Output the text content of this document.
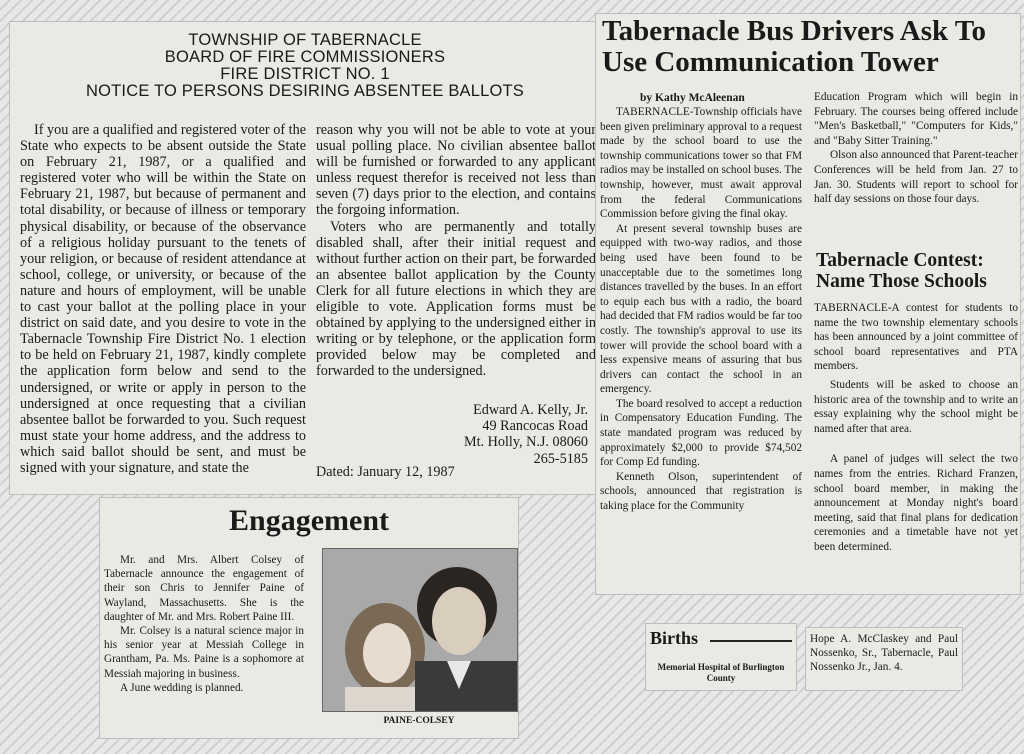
TOWNSHIP OF TABERNACLE
BOARD OF FIRE COMMISSIONERS
FIRE DISTRICT NO. 1
NOTICE TO PERSONS DESIRING ABSENTEE BALLOTS

If you are a qualified and registered voter of the State who expects to be absent outside the State on February 21, 1987, or a qualified and registered voter who will be within the State on February 21, 1987, but because of permanent and total disability, or because of illness or temporary physical disability, or because of the observance of a religious holiday pursuant to the tenets of your religion, or because of resident attendance at school, college, or university, or because of the nature and hours of employment, will be unable to cast your ballot at the polling place in your district on said date, and you desire to vote in the Tabernacle Township Fire District No. 1 election to be held on February 21, 1987, kindly complete the application form below and send to the undersigned, or write or apply in person to the undersigned at once requesting that a civilian absentee ballot be forwarded to you. Such request must state your home address, and the address to which said ballot should be sent, and must be signed with your signature, and state the

reason why you will not be able to vote at your usual polling place. No civilian absentee ballot will be furnished or forwarded to any applicant unless request therefor is received not less than seven (7) days prior to the election, and contains the forgoing information.

Voters who are permanently and totally disabled shall, after their initial request and without further action on their part, be forwarded an absentee ballot application by the County Clerk for all future elections in which they are eligible to vote. Application forms must be obtained by applying to the undersigned either in writing or by telephone, or the application form provided below may be completed and forwarded to the undersigned.

Edward A. Kelly, Jr.
49 Rancocas Road
Mt. Holly, N.J. 08060
265-5185
Dated: January 12, 1987
Tabernacle Bus Drivers Ask To Use Communication Tower
by Kathy McAleenan

TABERNACLE-Township officials have been given preliminary approval to a request made by the school board to use the township communications tower so that FM radios may be installed on school buses. The township, however, must await approval from the federal Communications Commission before giving the final okay.

At present several township buses are equipped with two-way radios, and those being used have been found to be unacceptable due to the sometimes long distances travelled by the buses. In an effort to equip each bus with a radio, the board had decided that FM radios would be far too costly. The township's approval to use its tower will provide the school board with a less expensive means of assuring that bus drivers can contact the school in an emergency.

The board resolved to accept a reduction in Compensatory Education Funding. The state mandated program was reduced by approximately $2,000 to provide $74,502 for Comp Ed funding.

Kenneth Olson, superintendent of schools, announced that registration is taking place for the Community

Education Program which will begin in February. The courses being offered include "Men's Basketball," "Computers for Kids," and "Baby Sitter Training."

Olson also announced that Parent-teacher Conferences will be held from Jan. 27 to Jan. 30. Students will report to school for half day sessions on those four days.

Tabernacle Contest: Name Those Schools

TABERNACLE-A contest for students to name the two township elementary schools has been announced by a joint committee of school board representatives and PTA members.

Students will be asked to choose an historic area of the township and to write an essay explaining why the school might be named after that area.

A panel of judges will select the two names from the entries. Richard Franzen, school board member, in making the announcement at Monday night's board meeting, said that final plans for dedication ceremonies and a timetable have not yet been determined.

Engagement

Mr. and Mrs. Albert Colsey of Tabernacle announce the engagement of their son Chris to Jennifer Paine of Wayland, Massachusetts. She is the daughter of Mr. and Mrs. Robert Paine III.

Mr. Colsey is a natural science major in his senior year at Messiah College in Grantham, Pa. Ms. Paine is a sophomore at Messiah majoring in business.

A June wedding is planned.

PAINE-COLSEY
Births
Memorial Hospital of Burlington County

Hope A. McClaskey and Paul Nossenko, Sr., Tabernacle, Paul Nossenko Jr., Jan. 4.
